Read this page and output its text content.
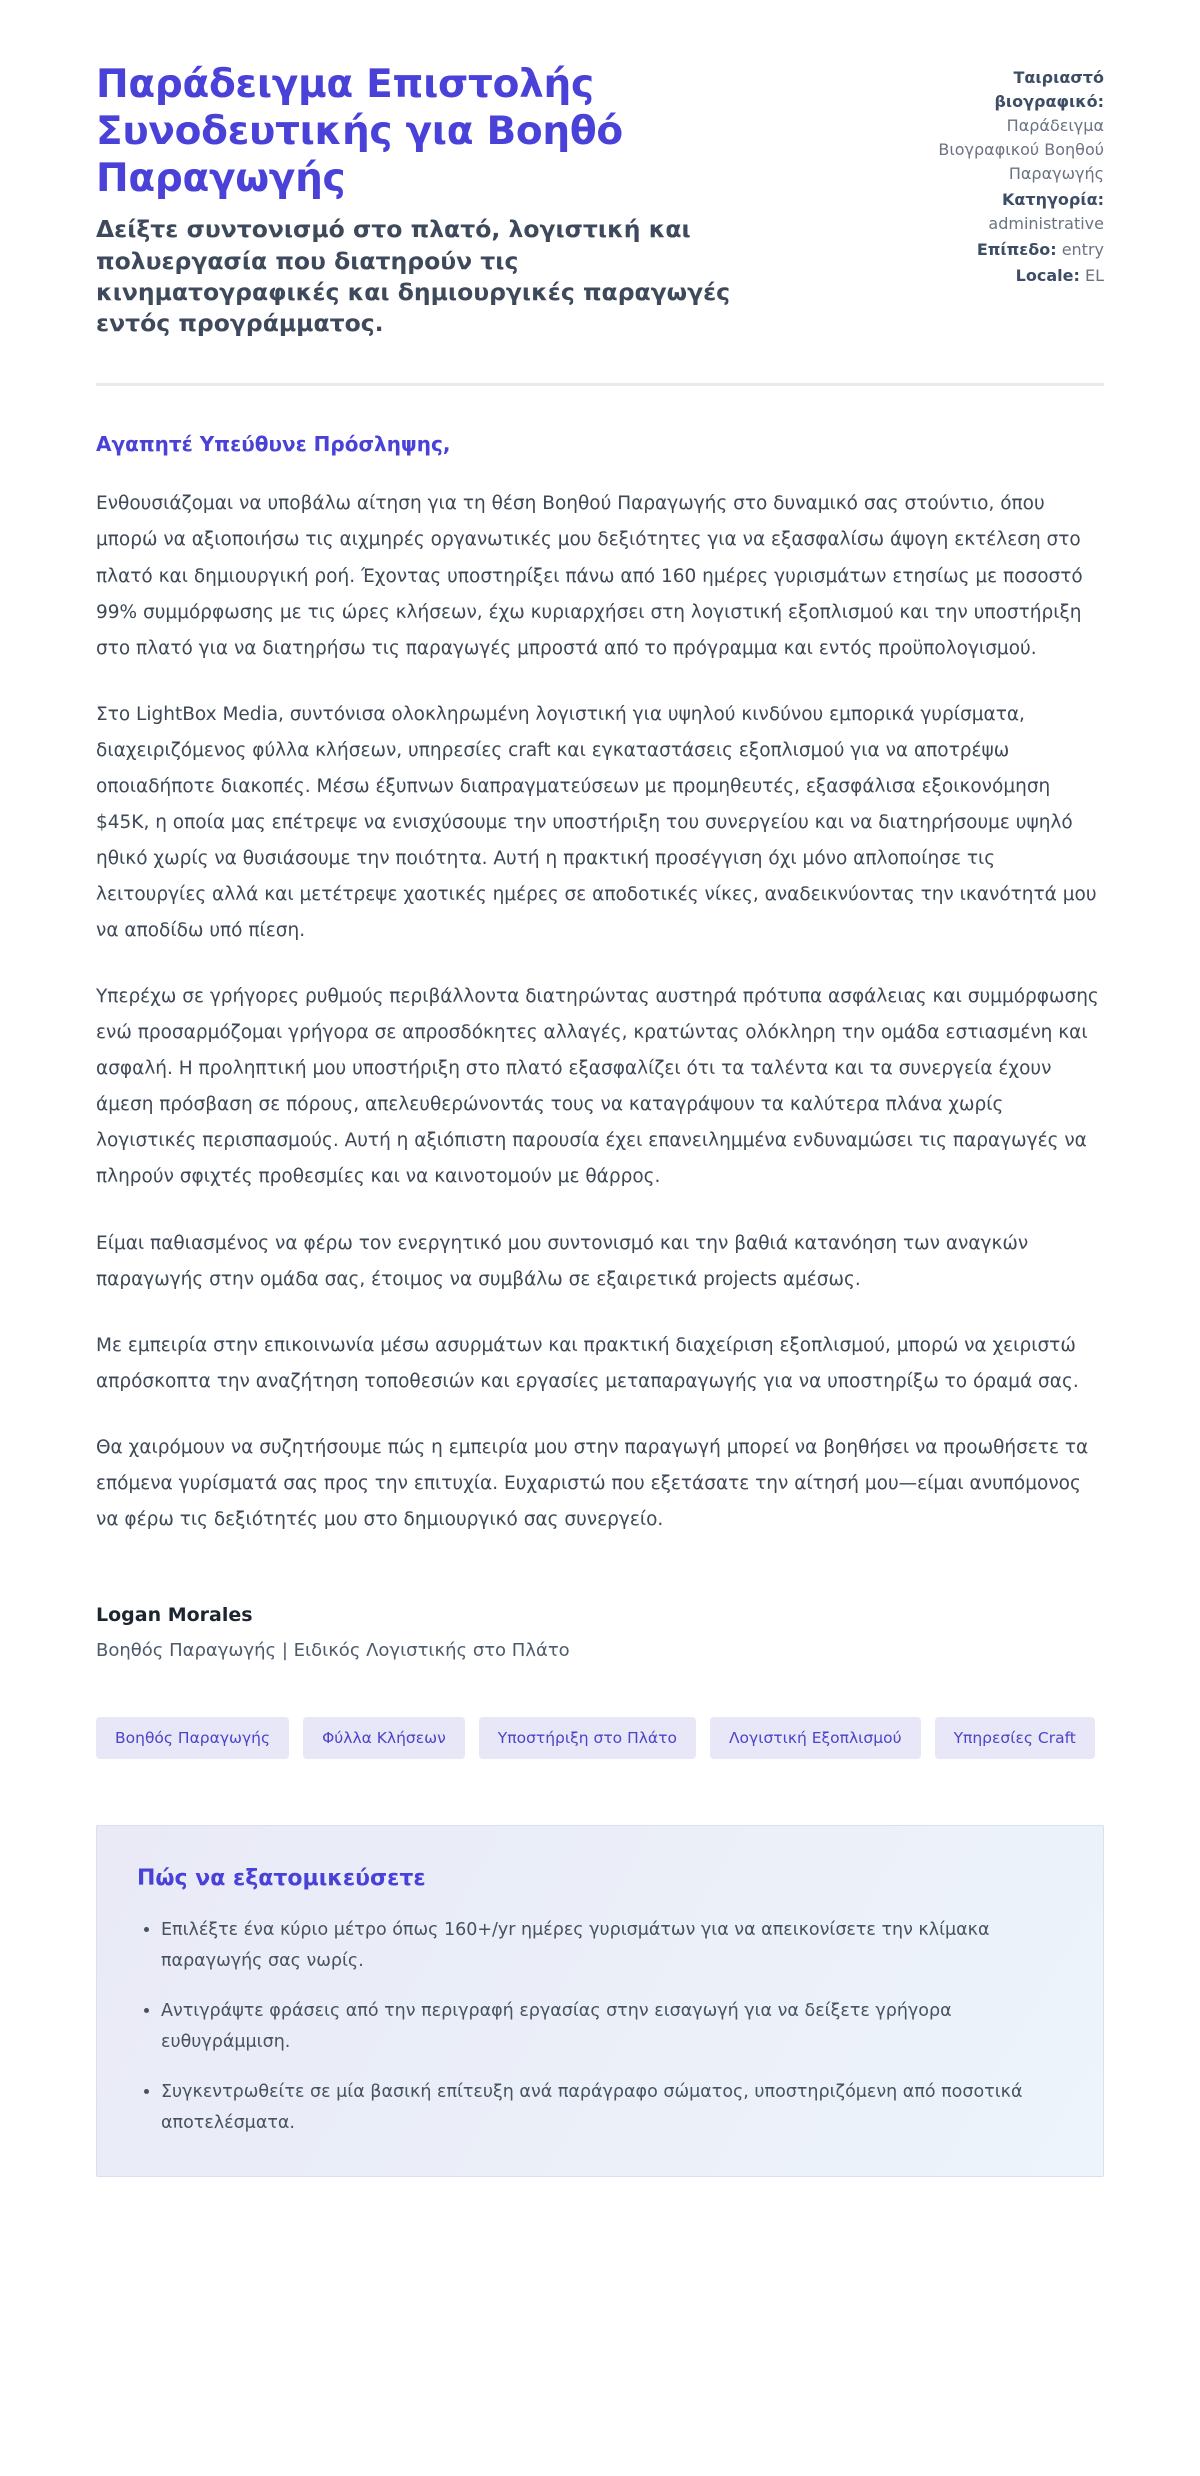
Παράδειγμα Επιστολής Συνοδευτικής για Βοηθό Παραγωγής

Δείξτε συντονισμό στο πλατό, λογιστική και πολυεργασία που διατηρούν τις κινηματογραφικές και δημιουργικές παραγωγές εντός προγράμματος.

Ταιριαστό βιογραφικό: Παράδειγμα Βιογραφικού Βοηθού Παραγωγής
Κατηγορία: administrative
Επίπεδο: entry
Locale: EL

Αγαπητέ Υπεύθυνε Πρόσληψης,

Ενθουσιάζομαι να υποβάλω αίτηση για τη θέση Βοηθού Παραγωγής στο δυναμικό σας στούντιο, όπου μπορώ να αξιοποιήσω τις αιχμηρές οργανωτικές μου δεξιότητες για να εξασφαλίσω άψογη εκτέλεση στο πλατό και δημιουργική ροή. Έχοντας υποστηρίξει πάνω από 160 ημέρες γυρισμάτων ετησίως με ποσοστό 99% συμμόρφωσης με τις ώρες κλήσεων, έχω κυριαρχήσει στη λογιστική εξοπλισμού και την υποστήριξη στο πλατό για να διατηρήσω τις παραγωγές μπροστά από το πρόγραμμα και εντός προϋπολογισμού.

Στο LightBox Media, συντόνισα ολοκληρωμένη λογιστική για υψηλού κινδύνου εμπορικά γυρίσματα, διαχειριζόμενος φύλλα κλήσεων, υπηρεσίες craft και εγκαταστάσεις εξοπλισμού για να αποτρέψω οποιαδήποτε διακοπές. Μέσω έξυπνων διαπραγματεύσεων με προμηθευτές, εξασφάλισα εξοικονόμηση $45K, η οποία μας επέτρεψε να ενισχύσουμε την υποστήριξη του συνεργείου και να διατηρήσουμε υψηλό ηθικό χωρίς να θυσιάσουμε την ποιότητα. Αυτή η πρακτική προσέγγιση όχι μόνο απλοποίησε τις λειτουργίες αλλά και μετέτρεψε χαοτικές ημέρες σε αποδοτικές νίκες, αναδεικνύοντας την ικανότητά μου να αποδίδω υπό πίεση.

Υπερέχω σε γρήγορες ρυθμούς περιβάλλοντα διατηρώντας αυστηρά πρότυπα ασφάλειας και συμμόρφωσης ενώ προσαρμόζομαι γρήγορα σε απροσδόκητες αλλαγές, κρατώντας ολόκληρη την ομάδα εστιασμένη και ασφαλή. Η προληπτική μου υποστήριξη στο πλατό εξασφαλίζει ότι τα ταλέντα και τα συνεργεία έχουν άμεση πρόσβαση σε πόρους, απελευθερώνοντάς τους να καταγράψουν τα καλύτερα πλάνα χωρίς λογιστικές περισπασμούς. Αυτή η αξιόπιστη παρουσία έχει επανειλημμένα ενδυναμώσει τις παραγωγές να πληρούν σφιχτές προθεσμίες και να καινοτομούν με θάρρος.

Είμαι παθιασμένος να φέρω τον ενεργητικό μου συντονισμό και την βαθιά κατανόηση των αναγκών παραγωγής στην ομάδα σας, έτοιμος να συμβάλω σε εξαιρετικά projects αμέσως.

Με εμπειρία στην επικοινωνία μέσω ασυρμάτων και πρακτική διαχείριση εξοπλισμού, μπορώ να χειριστώ απρόσκοπτα την αναζήτηση τοποθεσιών και εργασίες μεταπαραγωγής για να υποστηρίξω το όραμά σας.

Θα χαιρόμουν να συζητήσουμε πώς η εμπειρία μου στην παραγωγή μπορεί να βοηθήσει να προωθήσετε τα επόμενα γυρίσματά σας προς την επιτυχία. Ευχαριστώ που εξετάσατε την αίτησή μου—είμαι ανυπόμονος να φέρω τις δεξιότητές μου στο δημιουργικό σας συνεργείο.

Logan Morales

Βοηθός Παραγωγής | Ειδικός Λογιστικής στο Πλάτο

Βοηθός Παραγωγής	Φύλλα Κλήσεων	Υποστήριξη στο Πλάτο	Λογιστική Εξοπλισμού	Υπηρεσίες Craft
Πώς να εξατομικεύσετε
• Επιλέξτε ένα κύριο μέτρο όπως 160+/yr ημέρες γυρισμάτων για να απεικονίσετε την κλίμακα παραγωγής σας νωρίς.
• Αντιγράψτε φράσεις από την περιγραφή εργασίας στην εισαγωγή για να δείξετε γρήγορα ευθυγράμμιση.
• Συγκεντρωθείτε σε μία βασική επίτευξη ανά παράγραφο σώματος, υποστηριζόμενη από ποσοτικά αποτελέσματα.
